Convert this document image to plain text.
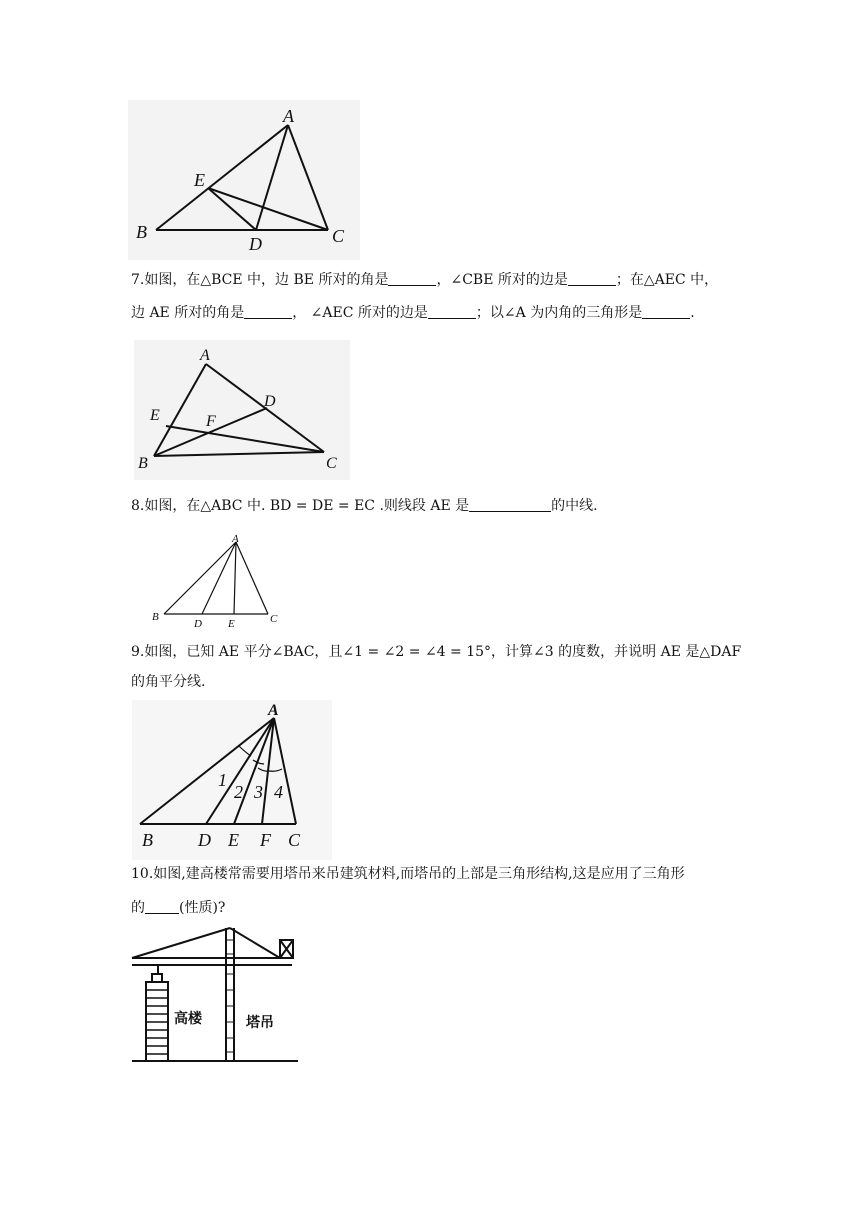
A
E
B
D	C
7.如图，在△BCE 中，边 BE 所对的角是	，∠CBE 所对的边是	；在△AEC 中，
边 AE 所对的角是	， ∠AEC 所对的边是	；以∠A 为内角的三角形是	.
A
E
D
F
B	C
8.如图，在△ABC 中. BD = DE = EC .则线段 AE 是	的中线.
A
B
D E	C
9.如图，已知 AE 平分∠BAC，且∠1 = ∠2 = ∠4 = 15°，计算∠3 的度数，并说明 AE 是△DAF
的角平分线.
A
B	D E F C
1
2 3 4
10.如图,建高楼常需要用塔吊来吊建筑材料,而塔吊的上部是三角形结构,这是应用了三角形
的 (性质)?
高楼	塔吊
